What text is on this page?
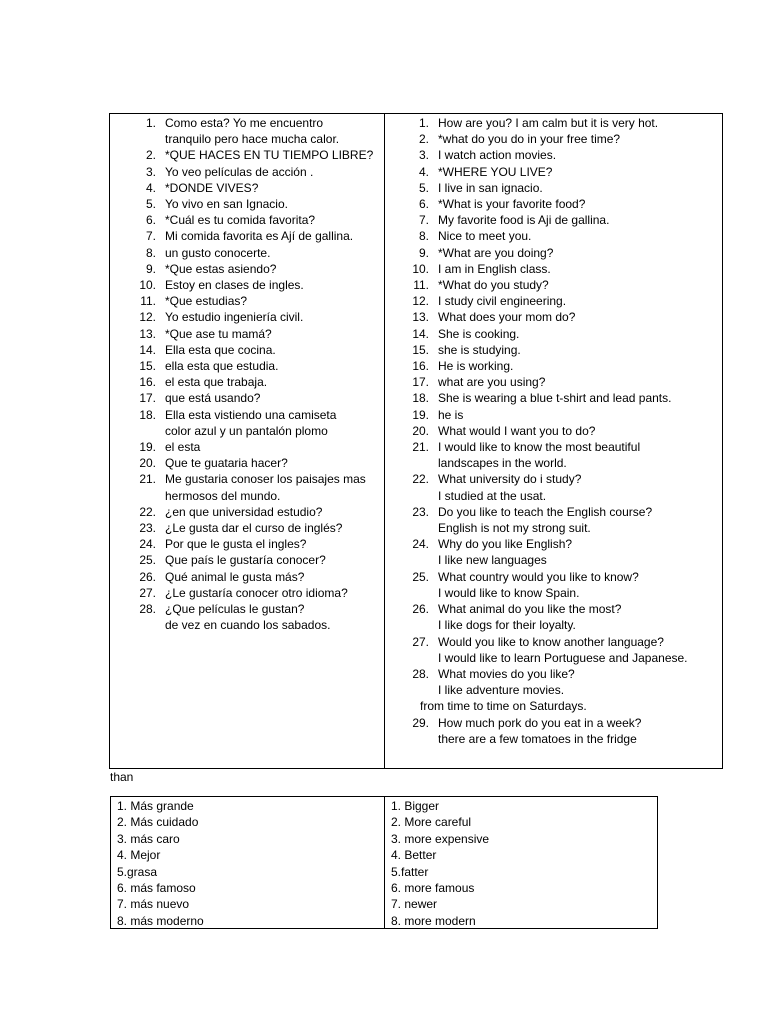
1. Como esta? Yo me encuentro
tranquilo pero hace mucha calor.
2. *QUE HACES EN TU TIEMPO LIBRE?
3. Yo veo películas de acción .
4. *DONDE VIVES?
5. Yo vivo en san Ignacio.
6. *Cuál es tu comida favorita?
7. Mi comida favorita es Ají de gallina.
8. un gusto conocerte.
9. *Que estas asiendo?
10. Estoy en clases de ingles.
11. *Que estudias?
12. Yo estudio ingeniería civil.
13. *Que ase tu mamá?
14. Ella esta que cocina.
15. ella esta que estudia.
16. el esta que trabaja.
17. que está usando?
18. Ella esta vistiendo una camiseta
color azul y un pantalón plomo
19. el esta
20. Que te guataria hacer?
21. Me gustaria conoser los paisajes mas
hermosos del mundo.
22. ¿en que universidad estudio?
23. ¿Le gusta dar el curso de inglés?
24. Por que le gusta el ingles?
25. Que país le gustaría conocer?
26. Qué animal le gusta más?
27. ¿Le gustaría conocer otro idioma?
28. ¿Que películas le gustan?
de vez en cuando los sabados.
1. How are you? I am calm but it is very hot.
2. *what do you do in your free time?
3. I watch action movies.
4. *WHERE YOU LIVE?
5. I live in san ignacio.
6. *What is your favorite food?
7. My favorite food is Aji de gallina.
8. Nice to meet you.
9. *What are you doing?
10. I am in English class.
11. *What do you study?
12. I study civil engineering.
13. What does your mom do?
14. She is cooking.
15. she is studying.
16. He is working.
17. what are you using?
18. She is wearing a blue t-shirt and lead pants.
19. he is
20. What would I want you to do?
21. I would like to know the most beautiful
landscapes in the world.
22. What university do i study?
I studied at the usat.
23. Do you like to teach the English course?
English is not my strong suit.
24. Why do you like English?
I like new languages
25. What country would you like to know?
I would like to know Spain.
26. What animal do you like the most?
I like dogs for their loyalty.
27. Would you like to know another language?
I would like to learn Portuguese and Japanese.
28. What movies do you like?
I like adventure movies.
from time to time on Saturdays.
29. How much pork do you eat in a week?
there are a few tomatoes in the fridge
than
1. Más grande
2. Más cuidado
3. más caro
4. Mejor
5.grasa
6. más famoso
7. más nuevo
8. más moderno
1. Bigger
2. More careful
3. more expensive
4. Better
5.fatter
6. more famous
7. newer
8. more modern
